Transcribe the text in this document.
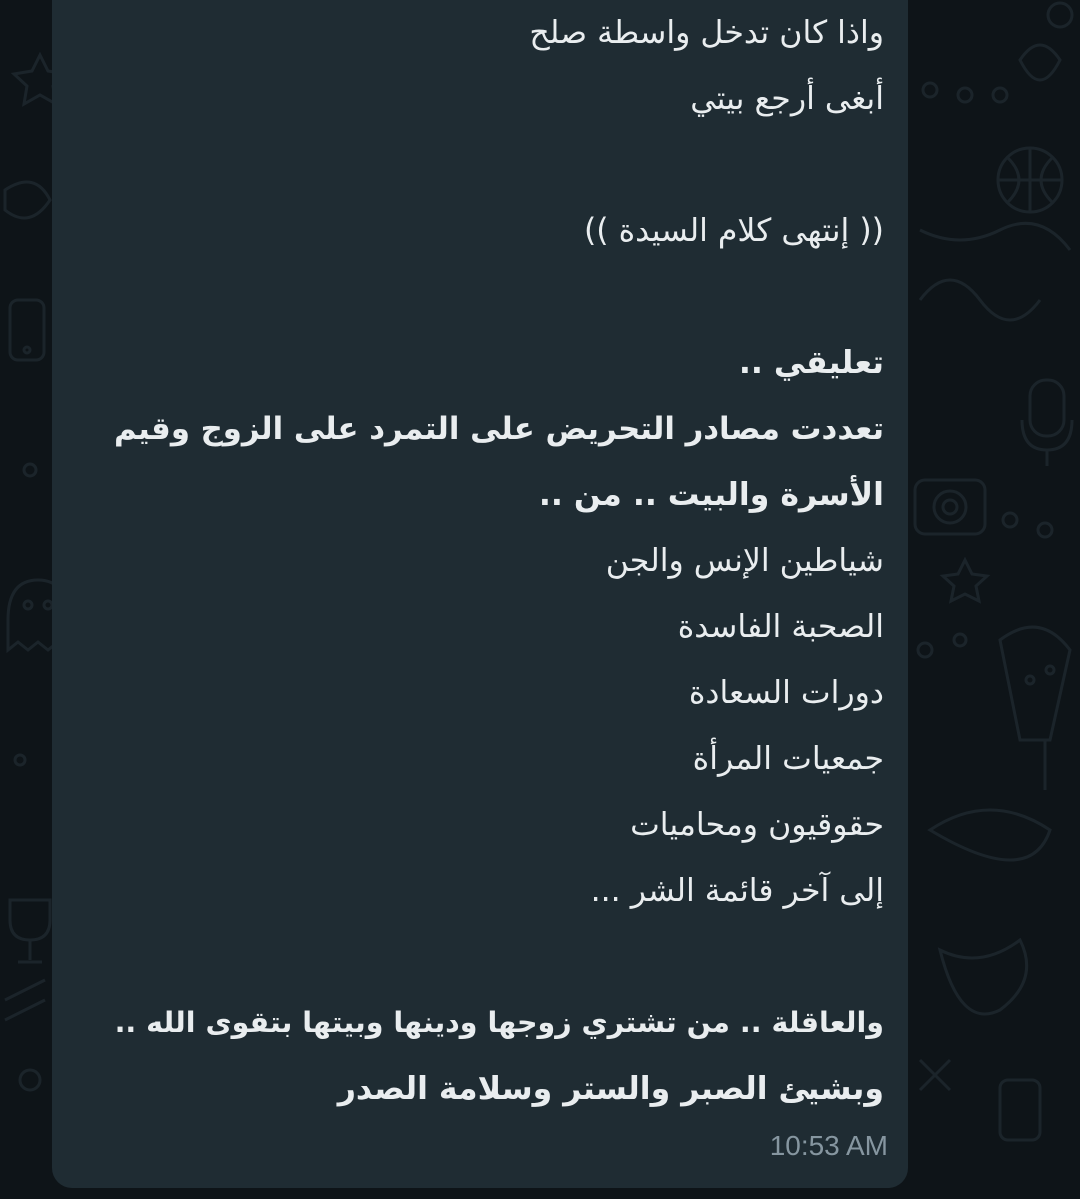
واذا كان تدخل واسطة صلح
أبغى أرجع بيتي
(( إنتهى كلام السيدة ))
تعليقي ..
تعددت مصادر التحريض على التمرد على الزوج وقيم
الأسرة والبيت .. من ..
شياطين الإنس والجن
الصحبة الفاسدة
دورات السعادة
جمعيات المرأة
حقوقيون ومحاميات
إلى آخر قائمة الشر ...
والعاقلة .. من تشتري زوجها ودينها وبيتها بتقوى الله ..
وبشيئ الصبر والستر وسلامة الصدر
10:53 AM
